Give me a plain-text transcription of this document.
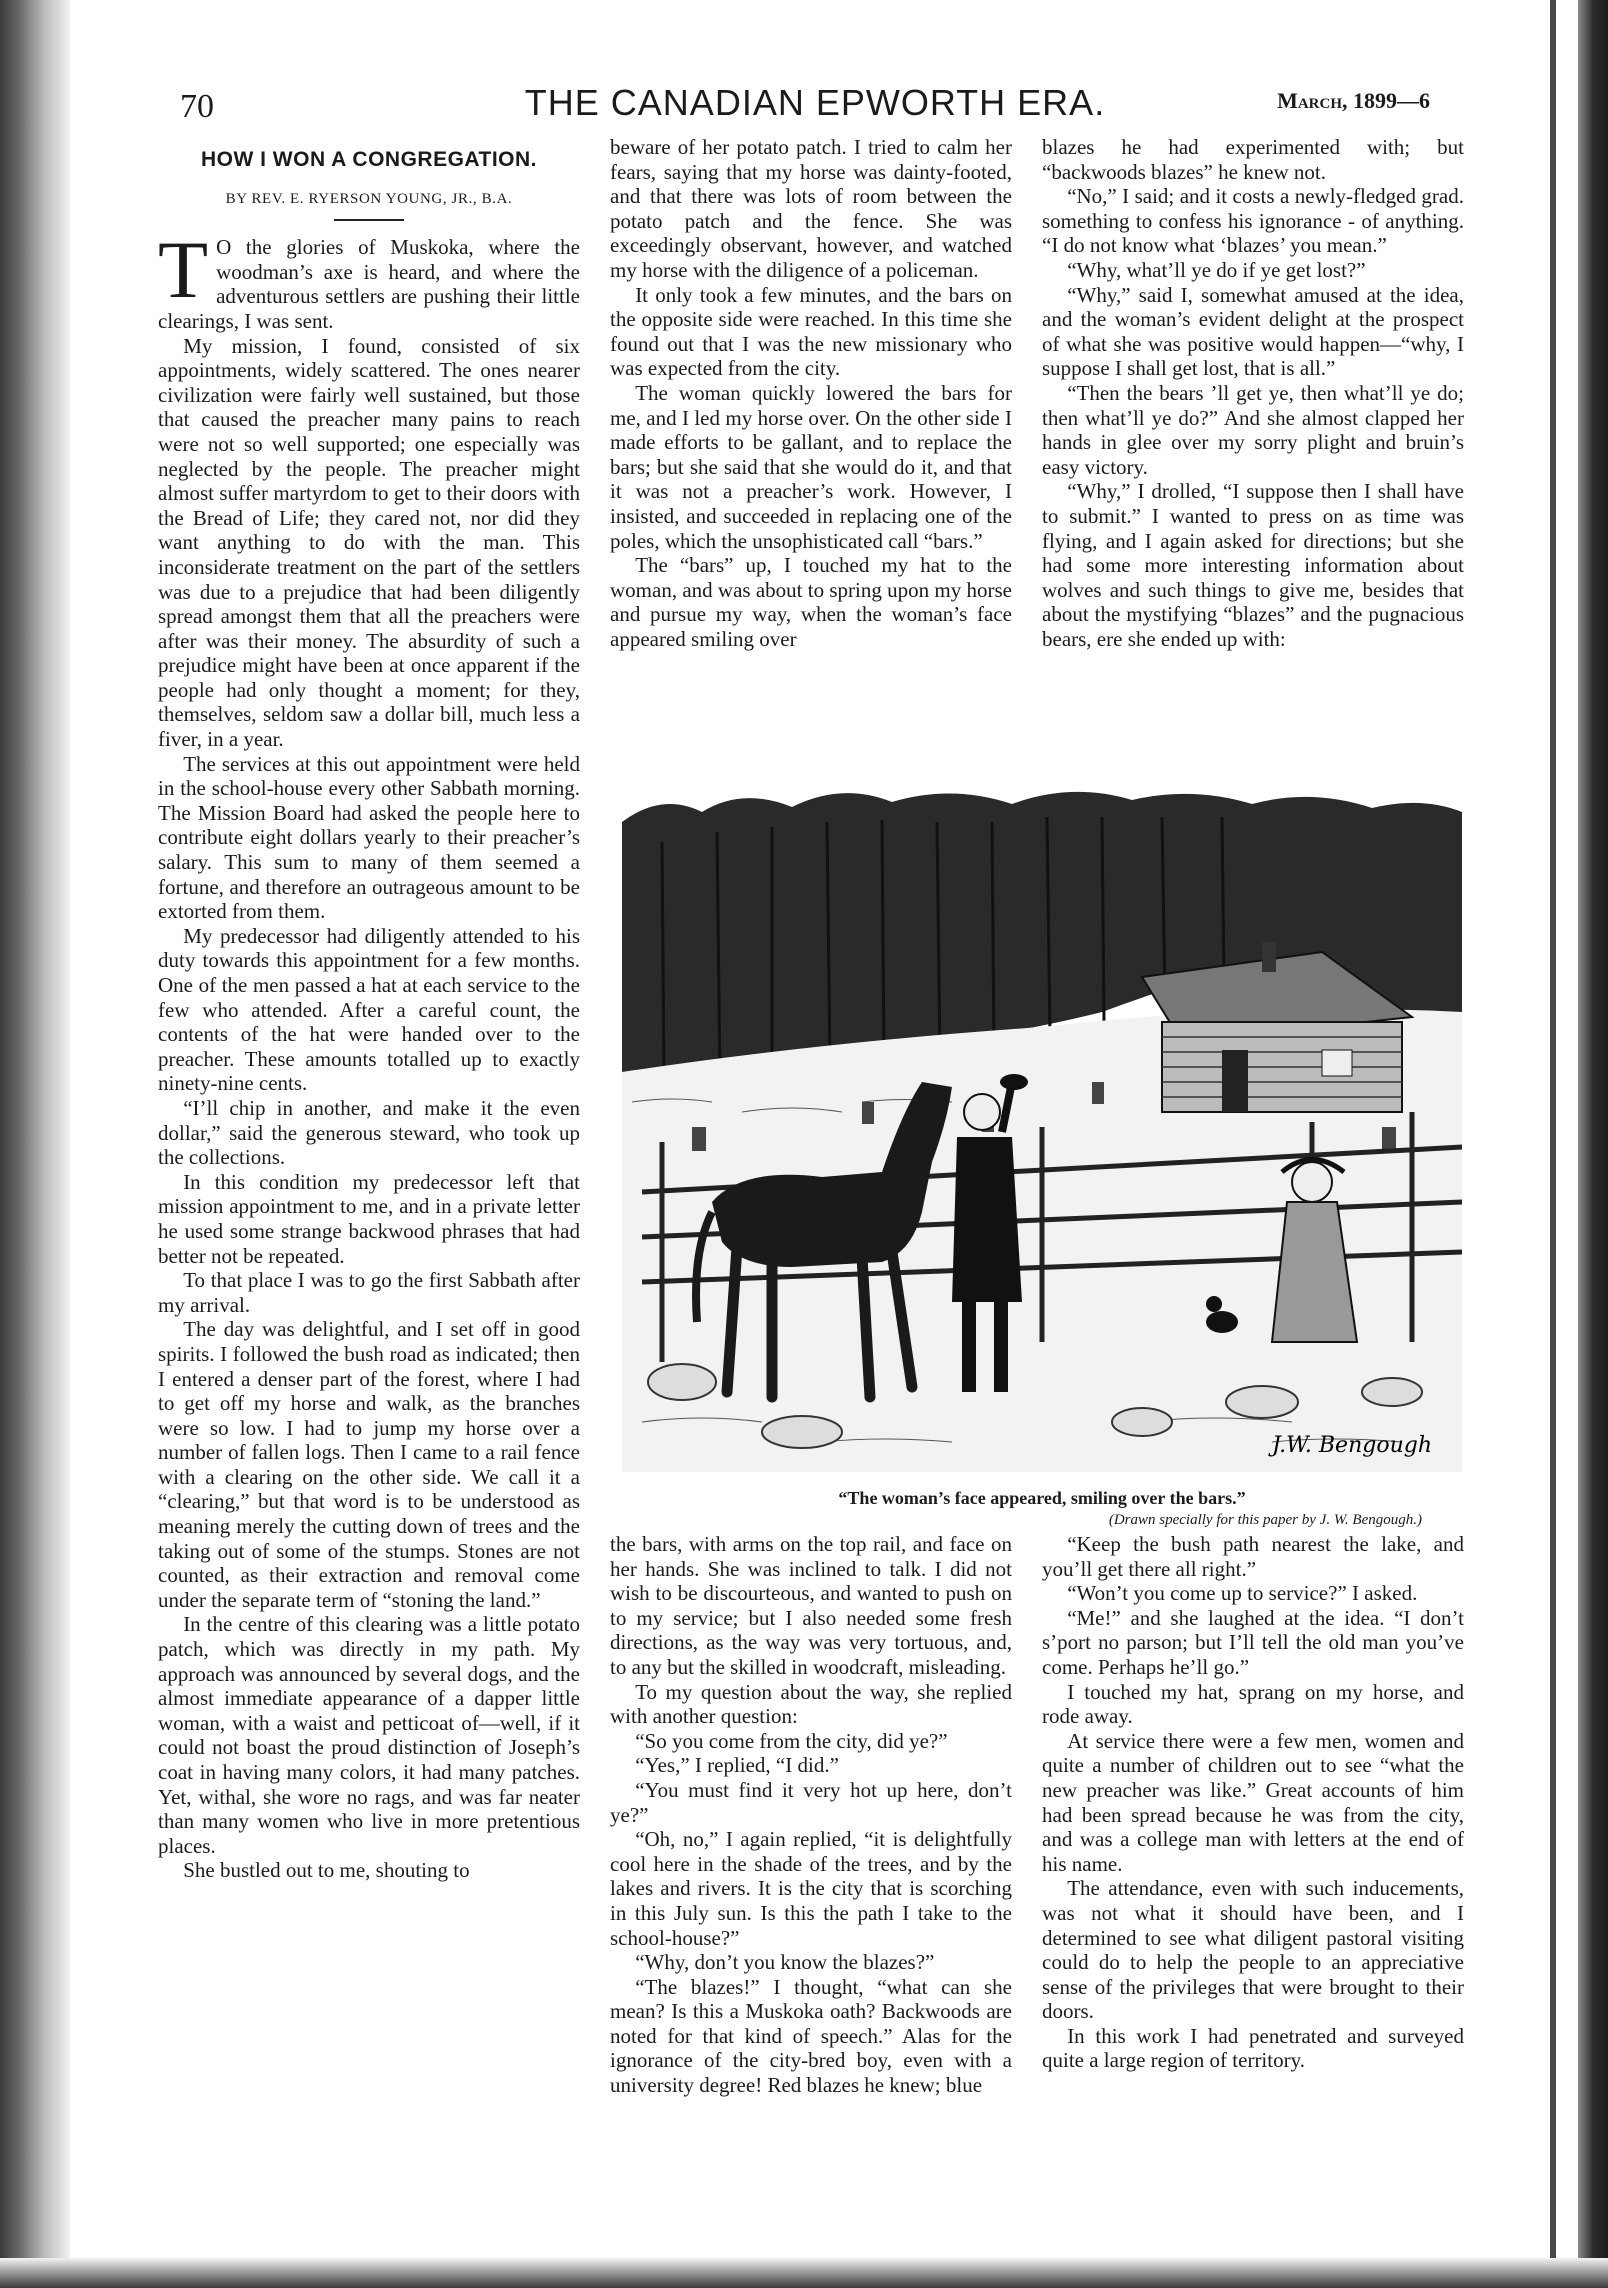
70	THE CANADIAN EPWORTH ERA.	March, 1899—6
HOW I WON A CONGREGATION.
BY REV. E. RYERSON YOUNG, JR., B.A.

T O the glories of Muskoka, where the woodman’s axe is heard, and where the adventurous settlers are pushing their little clearings, I was sent.

My mission, I found, consisted of six appointments, widely scattered. The ones nearer civilization were fairly well sustained, but those that caused the preacher many pains to reach were not so well supported; one especially was neglected by the people. The preacher might almost suffer martyrdom to get to their doors with the Bread of Life; they cared not, nor did they want anything to do with the man. This inconsiderate treatment on the part of the settlers was due to a prejudice that had been diligently spread amongst them that all the preachers were after was their money. The absurdity of such a prejudice might have been at once apparent if the people had only thought a moment; for they, themselves, seldom saw a dollar bill, much less a fiver, in a year.

The services at this out appointment were held in the school-house every other Sabbath morning. The Mission Board had asked the people here to contribute eight dollars yearly to their preacher’s salary. This sum to many of them seemed a fortune, and therefore an outrageous amount to be extorted from them.

My predecessor had diligently attended to his duty towards this appointment for a few months. One of the men passed a hat at each service to the few who attended. After a careful count, the contents of the hat were handed over to the preacher. These amounts totalled up to exactly ninety-nine cents.

“I’ll chip in another, and make it the even dollar,” said the generous steward, who took up the collections.

In this condition my predecessor left that mission appointment to me, and in a private letter he used some strange backwood phrases that had better not be repeated.

To that place I was to go the first Sabbath after my arrival.

The day was delightful, and I set off in good spirits. I followed the bush road as indicated; then I entered a denser part of the forest, where I had to get off my horse and walk, as the branches were so low. I had to jump my horse over a number of fallen logs. Then I came to a rail fence with a clearing on the other side. We call it a “clearing,” but that word is to be understood as meaning merely the cutting down of trees and the taking out of some of the stumps. Stones are not counted, as their extraction and removal come under the separate term of “stoning the land.”

In the centre of this clearing was a little potato patch, which was directly in my path. My approach was announced by several dogs, and the almost immediate appearance of a dapper little woman, with a waist and petticoat of—well, if it could not boast the proud distinction of Joseph’s coat in having many colors, it had many patches. Yet, withal, she wore no rags, and was far neater than many women who live in more pretentious places.

She bustled out to me, shouting to

beware of her potato patch. I tried to calm her fears, saying that my horse was dainty-footed, and that there was lots of room between the potato patch and the fence. She was exceedingly observant, however, and watched my horse with the diligence of a policeman.

It only took a few minutes, and the bars on the opposite side were reached. In this time she found out that I was the new missionary who was expected from the city.

The woman quickly lowered the bars for me, and I led my horse over. On the other side I made efforts to be gallant, and to replace the bars; but she said that she would do it, and that it was not a preacher’s work. However, I insisted, and succeeded in replacing one of the poles, which the unsophisticated call “bars.”

The “bars” up, I touched my hat to the woman, and was about to spring upon my horse and pursue my way, when the woman’s face appeared smiling over

blazes he had experimented with; but “backwoods blazes” he knew not.

“No,” I said; and it costs a newly-fledged grad. something to confess his ignorance - of anything. “I do not know what ‘blazes’ you mean.”

“Why, what’ll ye do if ye get lost?”

“Why,” said I, somewhat amused at the idea, and the woman’s evident delight at the prospect of what she was positive would happen—“why, I suppose I shall get lost, that is all.”

“Then the bears ’ll get ye, then what’ll ye do; then what’ll ye do?” And she almost clapped her hands in glee over my sorry plight and bruin’s easy victory.

“Why,” I drolled, “I suppose then I shall have to submit.” I wanted to press on as time was flying, and I again asked for directions; but she had some more interesting information about wolves and such things to give me, besides that about the mystifying “blazes” and the pugnacious bears, ere she ended up with:

J.W. Bengough
“The woman’s face appeared, smiling over the bars.”
(Drawn specially for this paper by J. W. Bengough.)

the bars, with arms on the top rail, and face on her hands. She was inclined to talk. I did not wish to be discourteous, and wanted to push on to my service; but I also needed some fresh directions, as the way was very tortuous, and, to any but the skilled in woodcraft, misleading.

To my question about the way, she replied with another question:

“So you come from the city, did ye?”

“Yes,” I replied, “I did.”

“You must find it very hot up here, don’t ye?”

“Oh, no,” I again replied, “it is delightfully cool here in the shade of the trees, and by the lakes and rivers. It is the city that is scorching in this July sun. Is this the path I take to the school-house?”

“Why, don’t you know the blazes?”

“The blazes!” I thought, “what can she mean? Is this a Muskoka oath? Backwoods are noted for that kind of speech.” Alas for the ignorance of the city-bred boy, even with a university degree! Red blazes he knew; blue

“Keep the bush path nearest the lake, and you’ll get there all right.”

“Won’t you come up to service?” I asked.

“Me!” and she laughed at the idea. “I don’t s’port no parson; but I’ll tell the old man you’ve come. Perhaps he’ll go.”

I touched my hat, sprang on my horse, and rode away.

At service there were a few men, women and quite a number of children out to see “what the new preacher was like.” Great accounts of him had been spread because he was from the city, and was a college man with letters at the end of his name.

The attendance, even with such inducements, was not what it should have been, and I determined to see what diligent pastoral visiting could do to help the people to an appreciative sense of the privileges that were brought to their doors.

In this work I had penetrated and surveyed quite a large region of territory.
